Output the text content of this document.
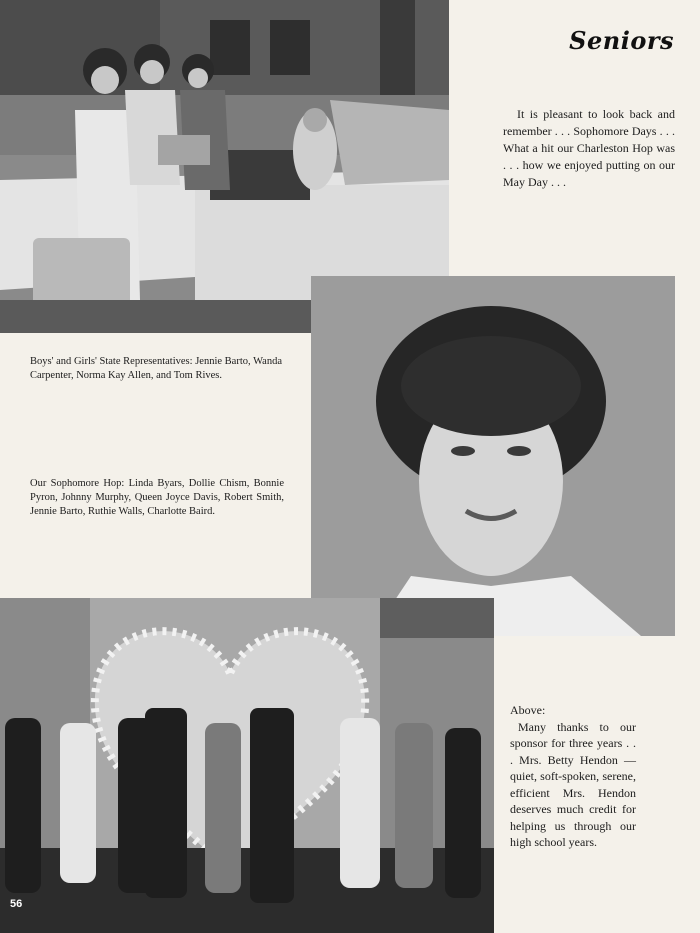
Seniors

It is pleasant to look back and remember . . . Sophomore Days . . . What a hit our Charleston Hop was . . . how we enjoyed putting on our May Day . . .

Boys' and Girls' State Representatives: Jennie Barto, Wanda Carpenter, Norma Kay Allen, and Tom Rives.

Our Sophomore Hop: Linda Byars, Dollie Chism, Bonnie Pyron, Johnny Murphy, Queen Joyce Davis, Robert Smith, Jennie Barto, Ruthie Walls, Charlotte Baird.

56
Above:
Many thanks to our sponsor for three years . . . Mrs. Betty Hendon —quiet, soft-spoken, serene, efficient Mrs. Hendon deserves much credit for helping us through our high school years.
